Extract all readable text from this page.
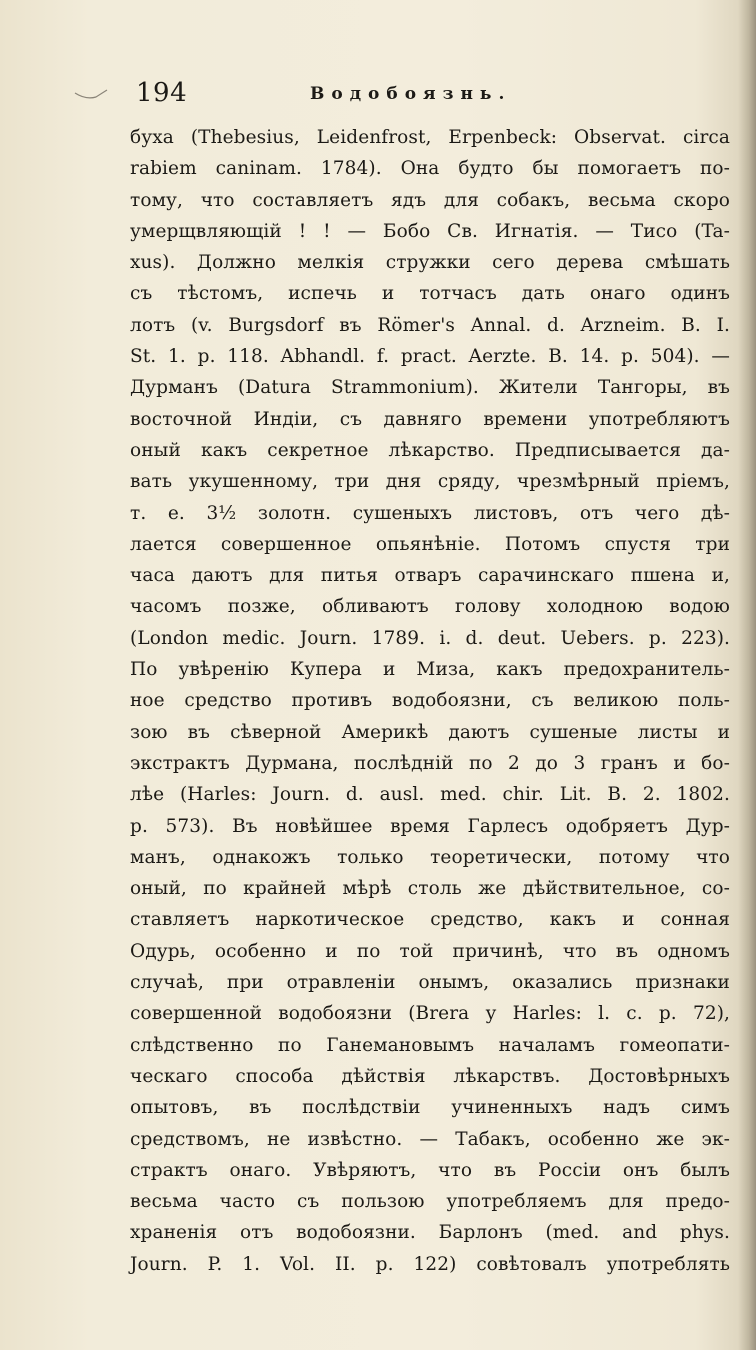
194	Водобоязнь.
буха (Thebesius, Leidenfrost, Erpenbeck: Observat. circa
rabiem caninam. 1784). Она будто бы помогаетъ по-
тому, что составляетъ ядъ для собакъ, весьма скоро
умерщвляющій ! ! — Бобо Св. Игнатія. — Тисо (Ta-
xus). Должно мелкія стружки сего дерева смѣшать
съ тѣстомъ, испечь и тотчасъ дать онаго одинъ
лотъ (v. Burgsdorf въ Römer's Annal. d. Arzneim. B. I.
St. 1. p. 118. Abhandl. f. pract. Aerzte. B. 14. p. 504). —
Дурманъ (Datura Strammonium). Жители Тангоры, въ
восточной Индіи, съ давняго времени употребляютъ
оный какъ секретное лѣкарство. Предписывается да-
вать укушенному, три дня сряду, чрезмѣрный пріемъ,
т. е. 3½ золотн. сушеныхъ листовъ, отъ чего дѣ-
лается совершенное опьянѣніе. Потомъ спустя три
часа даютъ для питья отваръ сарачинскаго пшена и,
часомъ позже, обливаютъ голову холодною водою
(London medic. Journ. 1789. i. d. deut. Uebers. p. 223).
По увѣренію Купера и Миза, какъ предохранитель-
ное средство противъ водобоязни, съ великою поль-
зою въ сѣверной Америкѣ даютъ сушеные листы и
экстрактъ Дурмана, послѣдній по 2 до 3 гранъ и бо-
лѣе (Harles: Journ. d. ausl. med. chir. Lit. B. 2. 1802.
p. 573). Въ новѣйшее время Гарлесъ одобряетъ Дур-
манъ, однакожъ только теоретически, потому что
оный, по крайней мѣрѣ столь же дѣйствительное, со-
ставляетъ наркотическое средство, какъ и сонная
Одурь, особенно и по той причинѣ, что въ одномъ
случаѣ, при отравленіи онымъ, оказались признаки
совершенной водобоязни (Brera у Harles: l. c. p. 72),
слѣдственно по Ганемановымъ началамъ гомеопати-
ческаго способа дѣйствія лѣкарствъ. Достовѣрныхъ
опытовъ, въ послѣдствіи учиненныхъ надъ симъ
средствомъ, не извѣстно. — Табакъ, особенно же эк-
страктъ онаго. Увѣряютъ, что въ Россіи онъ былъ
весьма часто съ пользою употребляемъ для предо-
храненія отъ водобоязни. Барлонъ (med. and phys.
Journ. P. 1. Vol. II. p. 122) совѣтовалъ употреблять
